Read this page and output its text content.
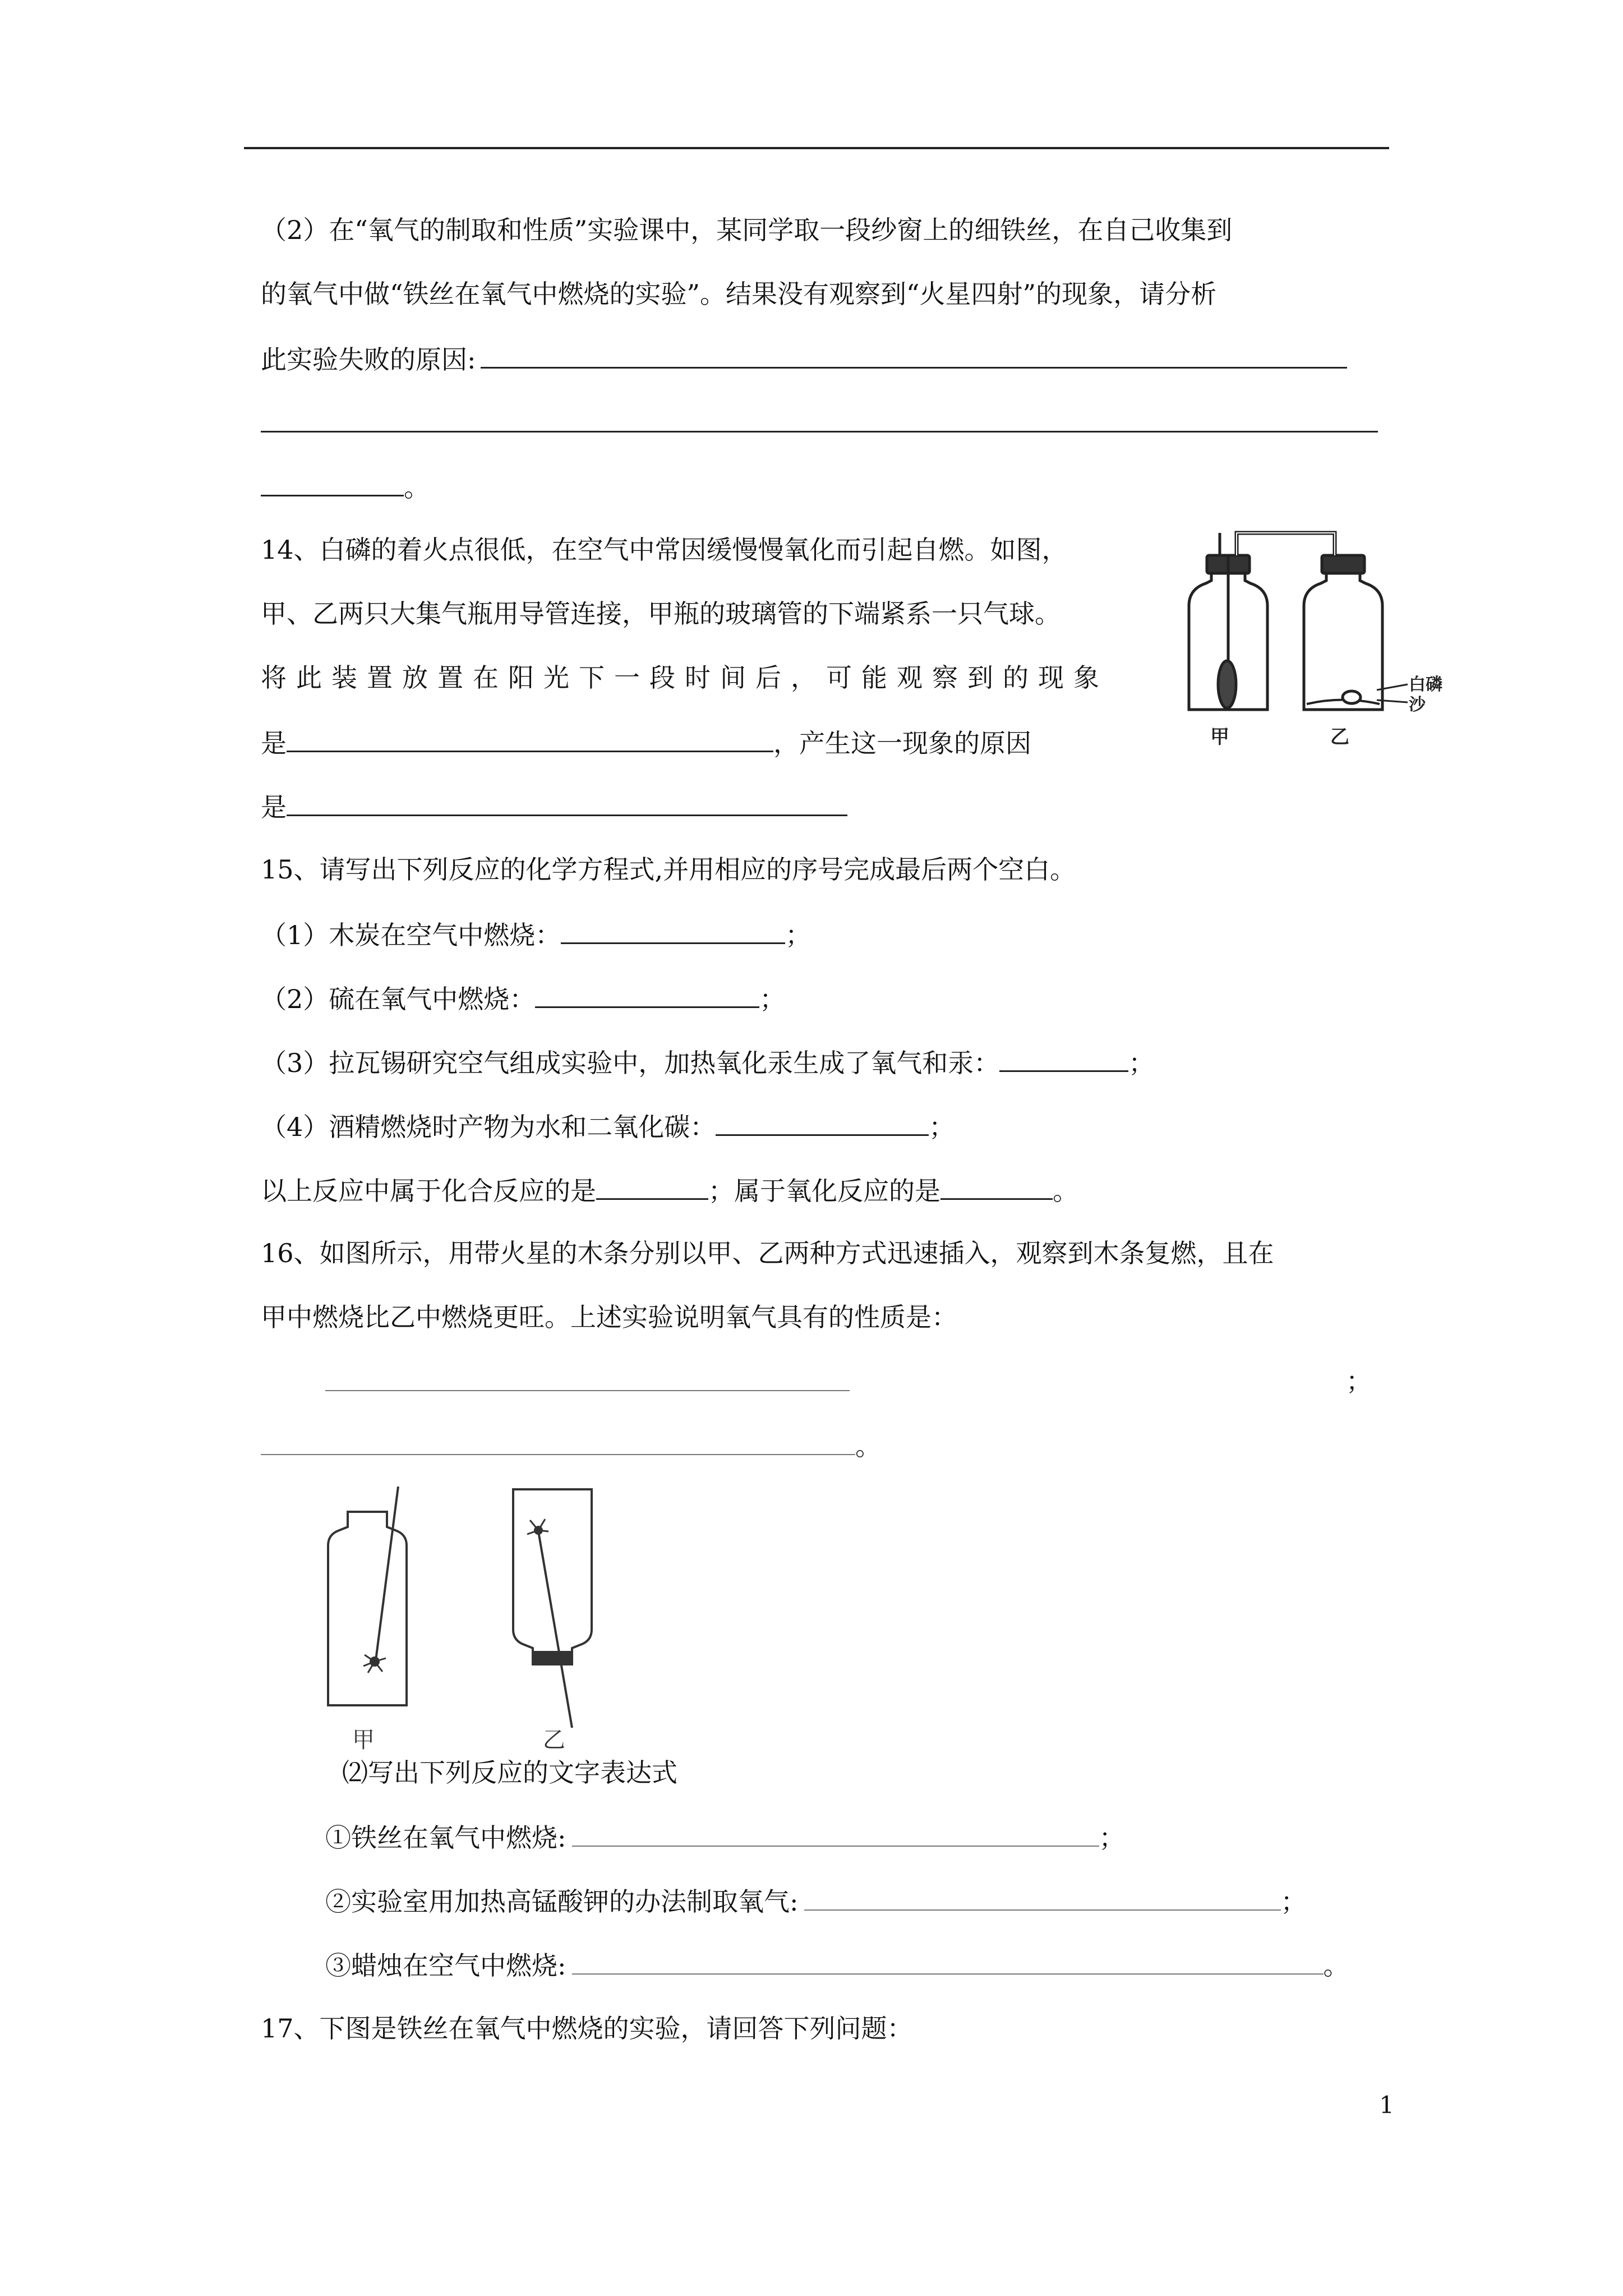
（2）在“氧气的制取和性质”实验课中，某同学取一段纱窗上的细铁丝，在自己收集到
的氧气中做“铁丝在氧气中燃烧的实验”。结果没有观察到“火星四射”的现象，请分析
此实验失败的原因:
。
14、白磷的着火点很低，在空气中常因缓慢慢氧化而引起自燃。如图，
甲、乙两只大集气瓶用导管连接，甲瓶的玻璃管的下端紧系一只气球。
将此装置放置在阳光下一段时间后，可能观察到的现象
是	，产生这一现象的原因
是
白磷
沙
甲	乙
15、请写出下列反应的化学方程式,并用相应的序号完成最后两个空白。
（1）木炭在空气中燃烧：	；
（2）硫在氧气中燃烧：	；
（3）拉瓦锡研究空气组成实验中，加热氧化汞生成了氧气和汞：	；
（4）酒精燃烧时产物为水和二氧化碳：	；
以上反应中属于化合反应的是	；属于氧化反应的是	。
16、如图所示，用带火星的木条分别以甲、乙两种方式迅速插入，观察到木条复燃，且在
甲中燃烧比乙中燃烧更旺。上述实验说明氧气具有的性质是：
；
。
甲	乙
⑵写出下列反应的文字表达式
①铁丝在氧气中燃烧:	；
②实验室用加热高锰酸钾的办法制取氧气:	；
③蜡烛在空气中燃烧:	。
17、下图是铁丝在氧气中燃烧的实验，请回答下列问题：
1
